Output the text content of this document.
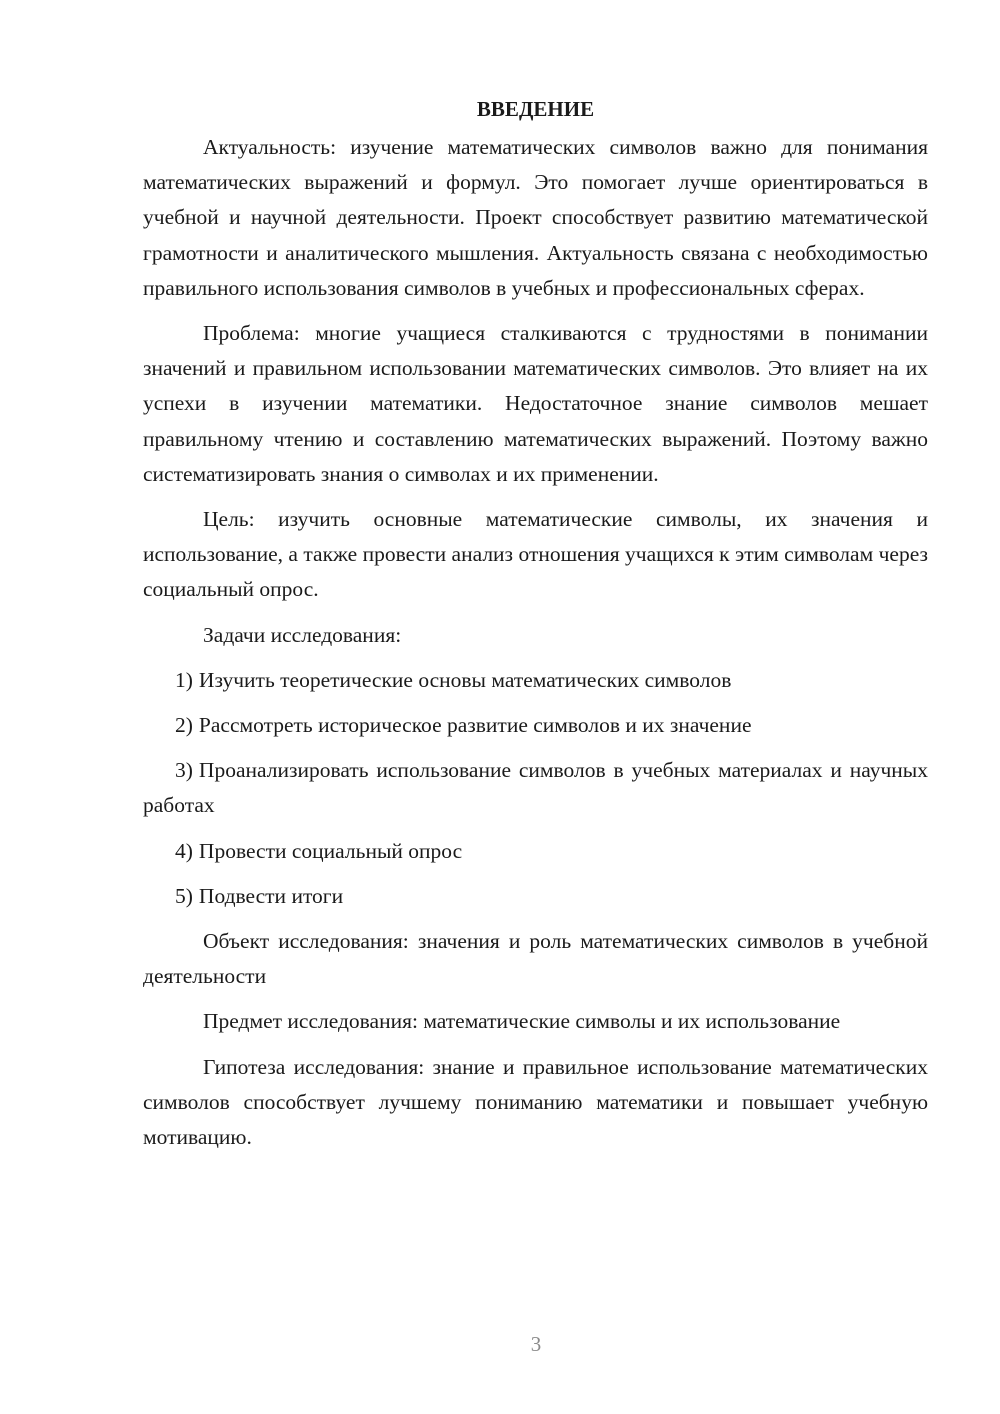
ВВЕДЕНИЕ

Актуальность: изучение математических символов важно для понимания математических выражений и формул. Это помогает лучше ориентироваться в учебной и научной деятельности. Проект способствует развитию математической грамотности и аналитического мышления. Актуальность связана с необходимостью правильного использования символов в учебных и профессиональных сферах.

Проблема: многие учащиеся сталкиваются с трудностями в понимании значений и правильном использовании математических символов. Это влияет на их успехи в изучении математики. Недостаточное знание символов мешает правильному чтению и составлению математических выражений. Поэтому важно систематизировать знания о символах и их применении.

Цель: изучить основные математические символы, их значения и использование, а также провести анализ отношения учащихся к этим символам через социальный опрос.

Задачи исследования:

1) Изучить теоретические основы математических символов

2) Рассмотреть историческое развитие символов и их значение

3) Проанализировать использование символов в учебных материалах и научных работах

4) Провести социальный опрос

5) Подвести итоги

Объект исследования: значения и роль математических символов в учебной деятельности

Предмет исследования: математические символы и их использование

Гипотеза исследования: знание и правильное использование математических символов способствует лучшему пониманию математики и повышает учебную мотивацию.

3
